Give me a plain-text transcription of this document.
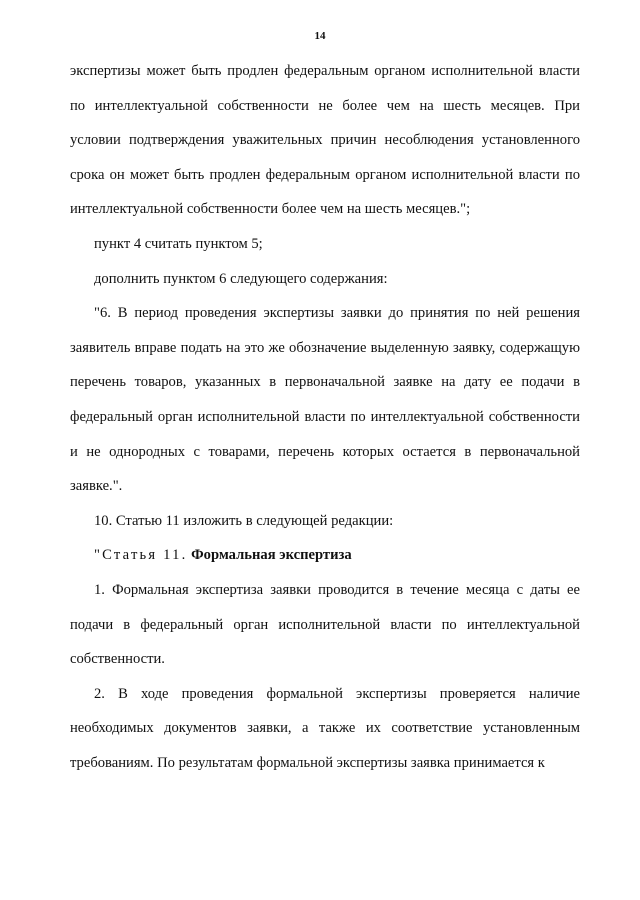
14

экспертизы может быть продлен федеральным органом исполнительной власти по интеллектуальной собственности не более чем на шесть месяцев. При условии подтверждения уважительных причин несоблюдения установленного срока он может быть продлен федеральным органом исполнительной власти по интеллектуальной собственности более чем на шесть месяцев.";

пункт 4 считать пунктом 5;

дополнить пунктом 6 следующего содержания:

"6. В период проведения экспертизы заявки до принятия по ней решения заявитель вправе подать на это же обозначение выделенную заявку, содержащую перечень товаров, указанных в первоначальной заявке на дату ее подачи в федеральный орган исполнительной власти по интеллектуальной собственности и не однородных с товарами, перечень которых остается в первоначальной заявке.".

10. Статью 11 изложить в следующей редакции:

"Статья 11. Формальная экспертиза

1. Формальная экспертиза заявки проводится в течение месяца с даты ее подачи в федеральный орган исполнительной власти по интеллектуальной собственности.

2. В ходе проведения формальной экспертизы проверяется наличие необходимых документов заявки, а также их соответствие установленным требованиям. По результатам формальной экспертизы заявка принимается к
